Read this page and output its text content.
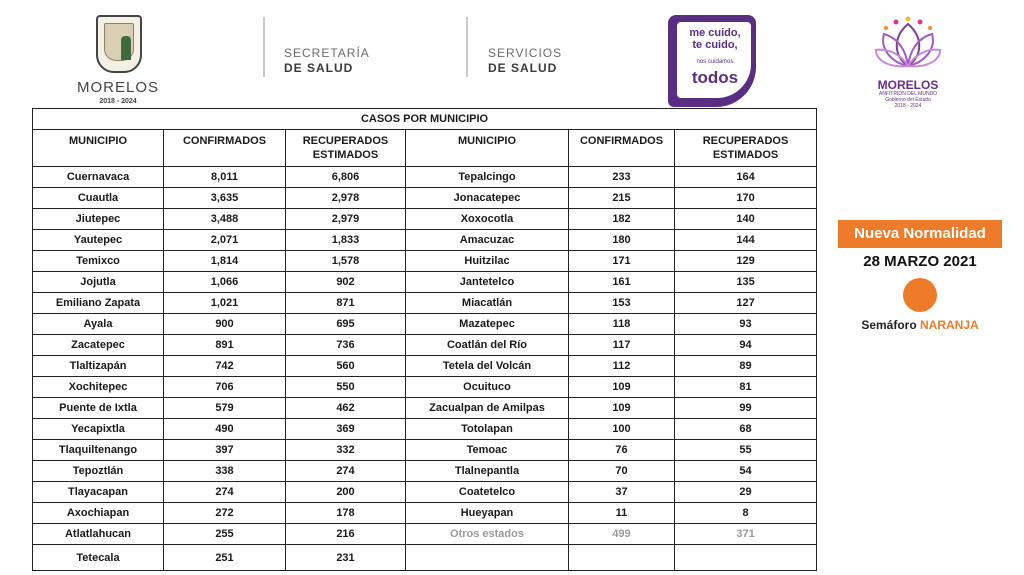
MORELOS
2018 - 2024
SECRETARÍA
DE SALUD
SERVICIOS
DE SALUD
me cuido,
te cuido,
nos cuidamos
todos	MORELOS
ANFITRIÓN DEL MUNDO
Gobierno del Estado
2018 - 2024
CASOS POR MUNICIPIO					
MUNICIPIO	CONFIRMADOS	RECUPERADOS ESTIMADOS	MUNICIPIO	CONFIRMADOS	RECUPERADOS ESTIMADOS
Cuernavaca	8,011	6,806	Tepalcingo	233	164
Cuautla	3,635	2,978	Jonacatepec	215	170
Jiutepec	3,488	2,979	Xoxocotla	182	140
Yautepec	2,071	1,833	Amacuzac	180	144
Temixco	1,814	1,578	Huitzilac	171	129
Jojutla	1,066	902	Jantetelco	161	135
Emiliano Zapata	1,021	871	Miacatlán	153	127
Ayala	900	695	Mazatepec	118	93
Zacatepec	891	736	Coatlán del Río	117	94
Tlaltizapán	742	560	Tetela del Volcán	112	89
Xochitepec	706	550	Ocuituco	109	81
Puente de Ixtla	579	462	Zacualpan de Amilpas	109	99
Yecapixtla	490	369	Totolapan	100	68
Tlaquiltenango	397	332	Temoac	76	55
Tepoztlán	338	274	Tlalnepantla	70	54
Tlayacapan	274	200	Coatetelco	37	29
Axochiapan	272	178	Hueyapan	11	8
Atlatlahucan	255	216	Otros estados	499	371
Tetecala	251	231			
Nueva Normalidad
28 MARZO 2021
Semáforo NARANJA
